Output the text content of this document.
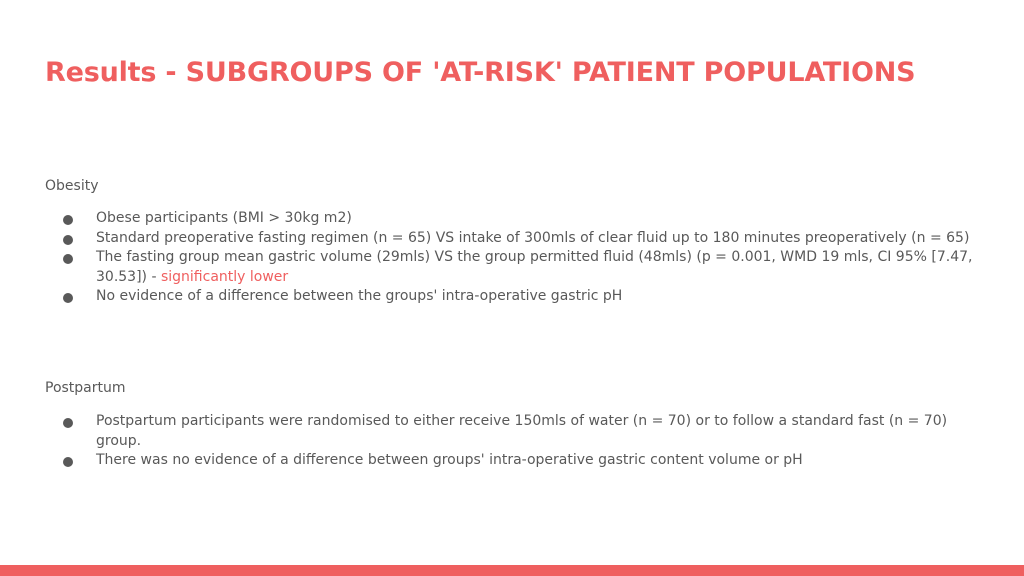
Results - SUBGROUPS OF 'AT-RISK' PATIENT POPULATIONS
Obesity
Obese participants (BMI > 30kg m2)
Standard preoperative fasting regimen (n = 65) VS intake of 300mls of clear fluid up to 180 minutes preoperatively (n = 65)
The fasting group mean gastric volume (29mls) VS the group permitted fluid (48mls) (p = 0.001, WMD 19 mls, CI 95% [7.47, 30.53]) - significantly lower
No evidence of a difference between the groups' intra-operative gastric pH
Postpartum
Postpartum participants were randomised to either receive 150mls of water (n = 70) or to follow a standard fast (n = 70) group.
There was no evidence of a difference between groups' intra-operative gastric content volume or pH
